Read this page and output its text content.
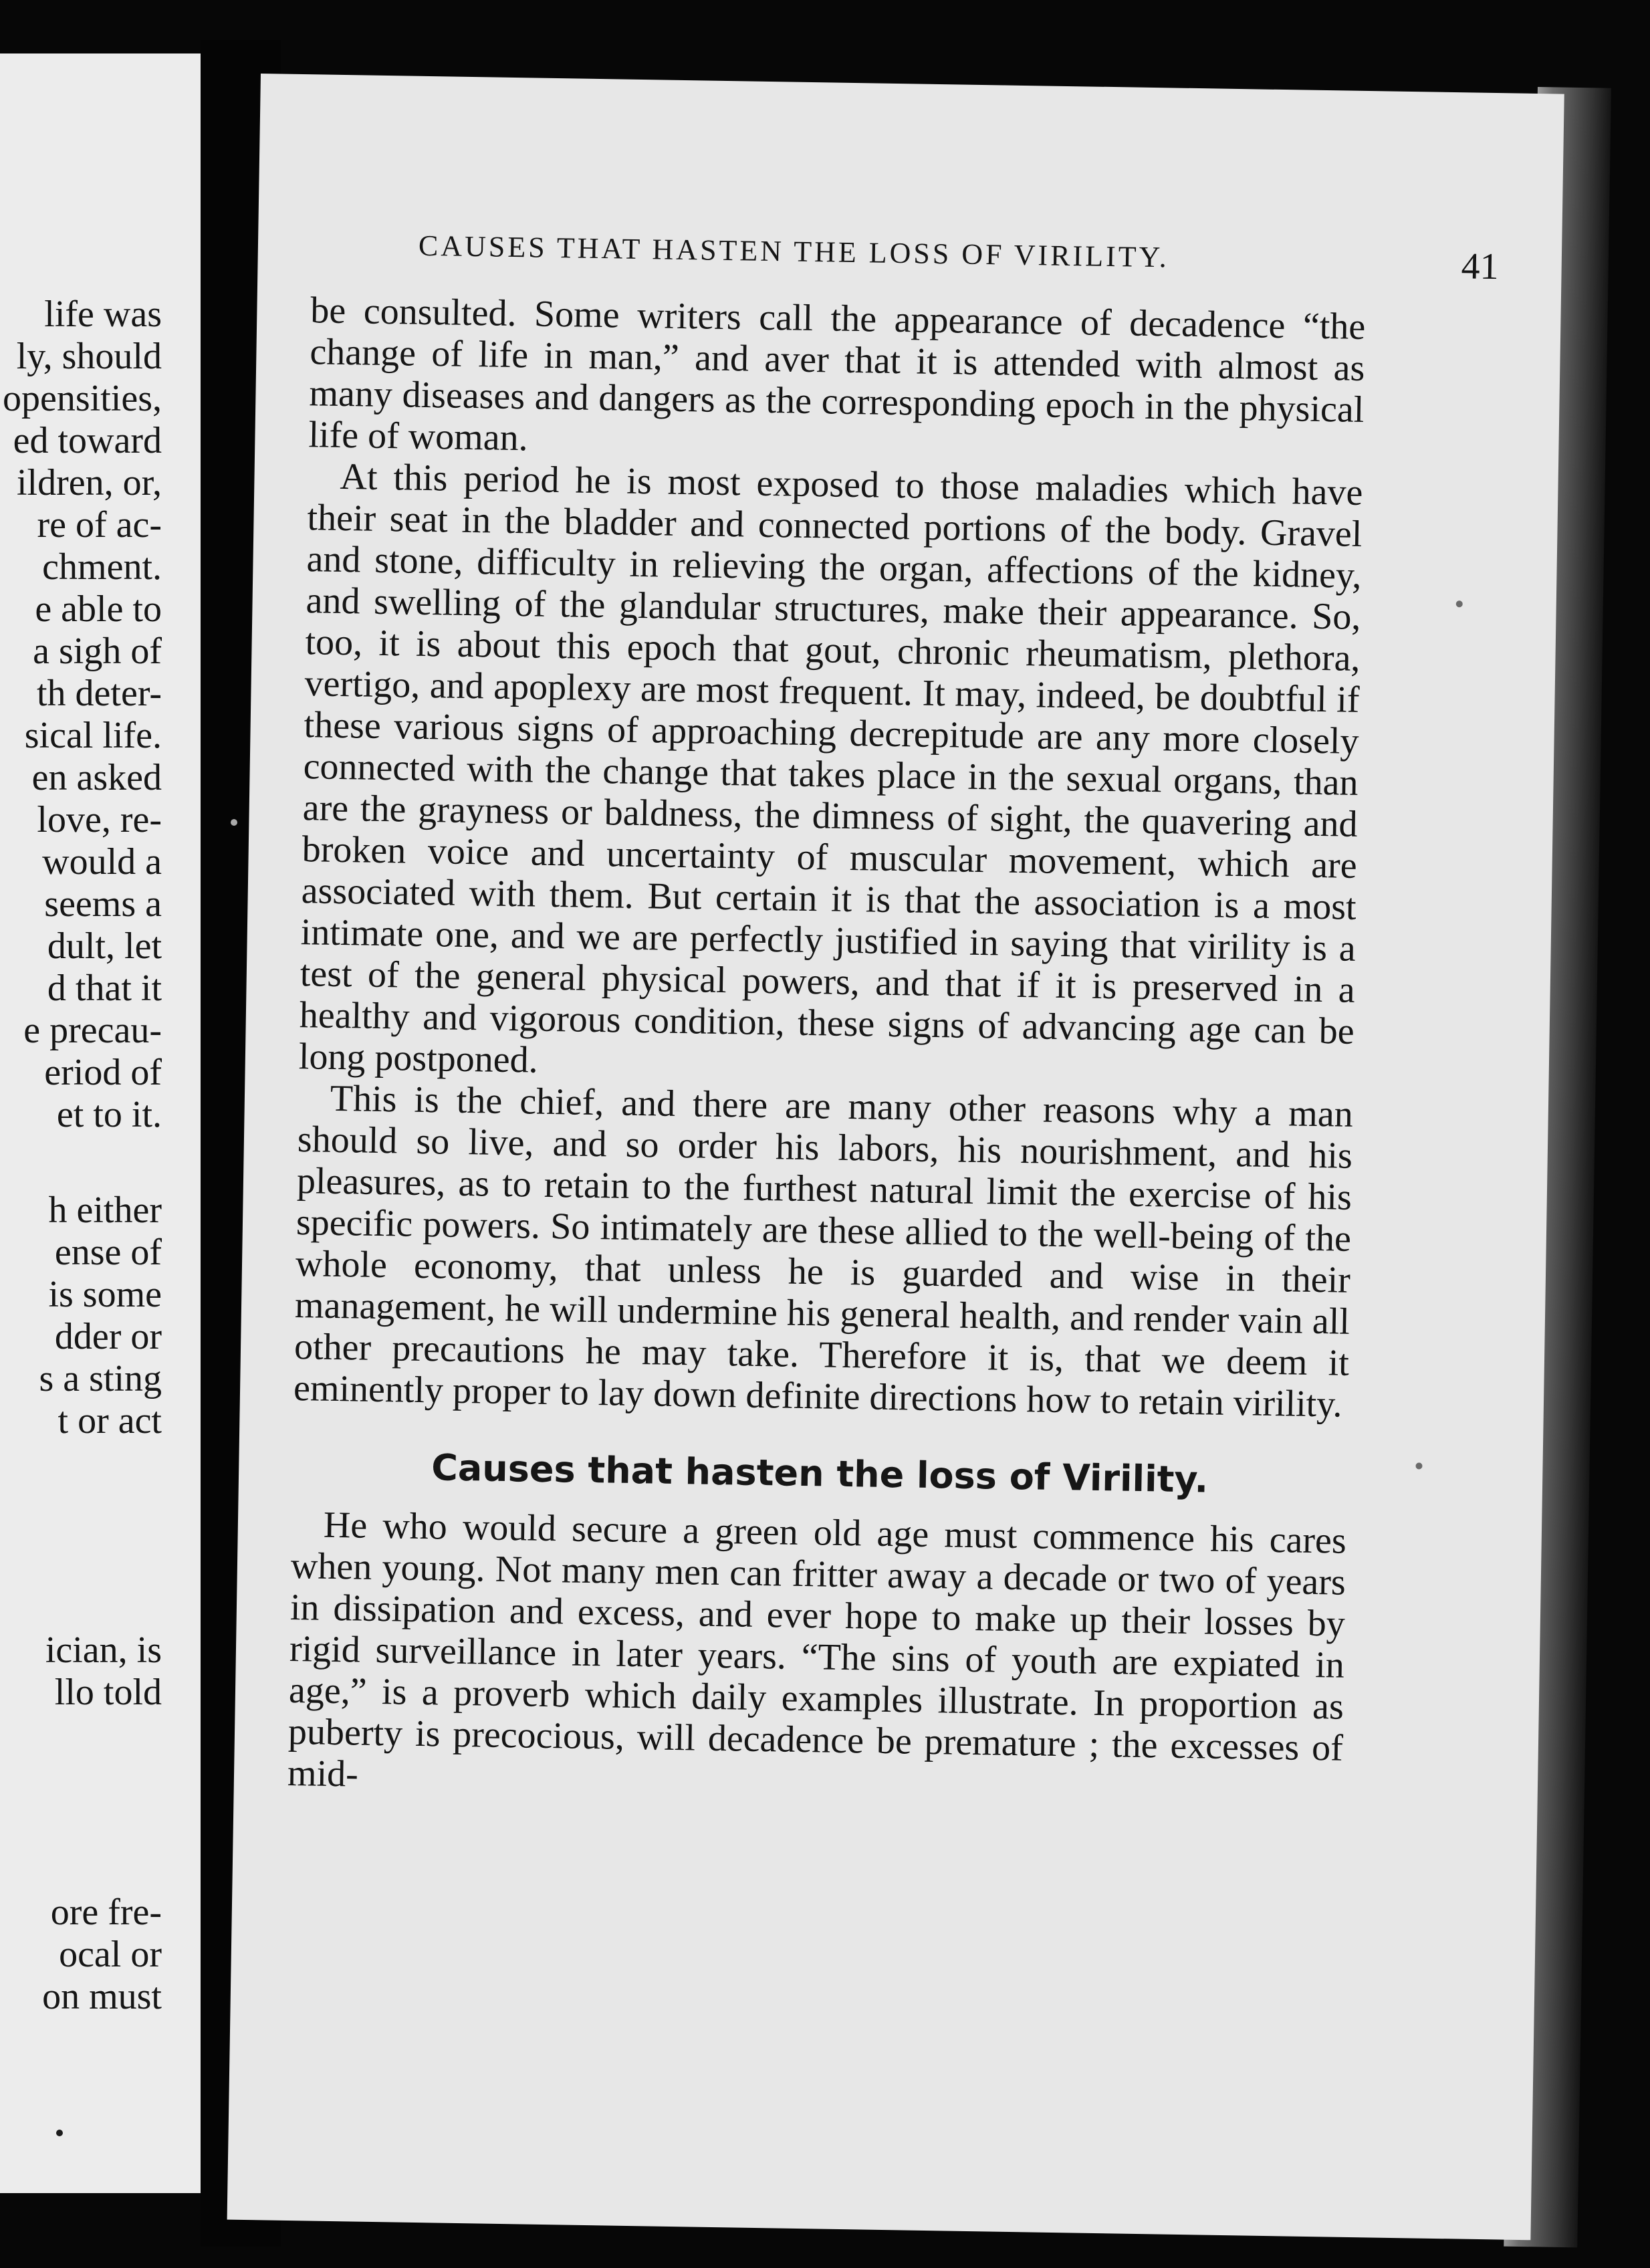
life was
ly, should
opensities,
ed toward
ildren, or,
re of ac-
chment.
e able to
a sigh of
th deter-
sical life.
en asked
love, re-
would a
seems a
dult, let
d that it
e precau-
eriod of
et to it.
h either
ense of
is some
dder or
s a sting
t or act
ician, is
llo told
ore fre-
ocal or
on must
CAUSES THAT HASTEN THE LOSS OF VIRILITY.	41

be consulted. Some writers call the appearance of decadence “the change of life in man,” and aver that it is attended with almost as many diseases and dangers as the corresponding epoch in the physical life of woman.

At this period he is most exposed to those maladies which have their seat in the bladder and connected portions of the body. Gravel and stone, difficulty in relieving the organ, affections of the kidney, and swelling of the glandular structures, make their appearance. So, too, it is about this epoch that gout, chronic rheumatism, plethora, vertigo, and apoplexy are most frequent. It may, indeed, be doubtful if these various signs of approaching decrepitude are any more closely connected with the change that takes place in the sexual organs, than are the grayness or baldness, the dimness of sight, the quavering and broken voice and uncertainty of muscular movement, which are associated with them. But certain it is that the association is a most intimate one, and we are perfectly justified in saying that virility is a test of the general physical powers, and that if it is preserved in a healthy and vigorous condition, these signs of advancing age can be long postponed.

This is the chief, and there are many other reasons why a man should so live, and so order his labors, his nourishment, and his pleasures, as to retain to the furthest natural limit the exercise of his specific powers. So intimately are these allied to the well-being of the whole economy, that unless he is guarded and wise in their management, he will undermine his general health, and render vain all other precautions he may take. Therefore it is, that we deem it eminently proper to lay down definite directions how to retain virility.

Causes that hasten the loss of Virility.

He who would secure a green old age must commence his cares when young. Not many men can fritter away a decade or two of years in dissipation and excess, and ever hope to make up their losses by rigid surveillance in later years. “The sins of youth are expiated in age,” is a proverb which daily examples illustrate. In proportion as puberty is precocious, will decadence be premature ; the excesses of mid-
